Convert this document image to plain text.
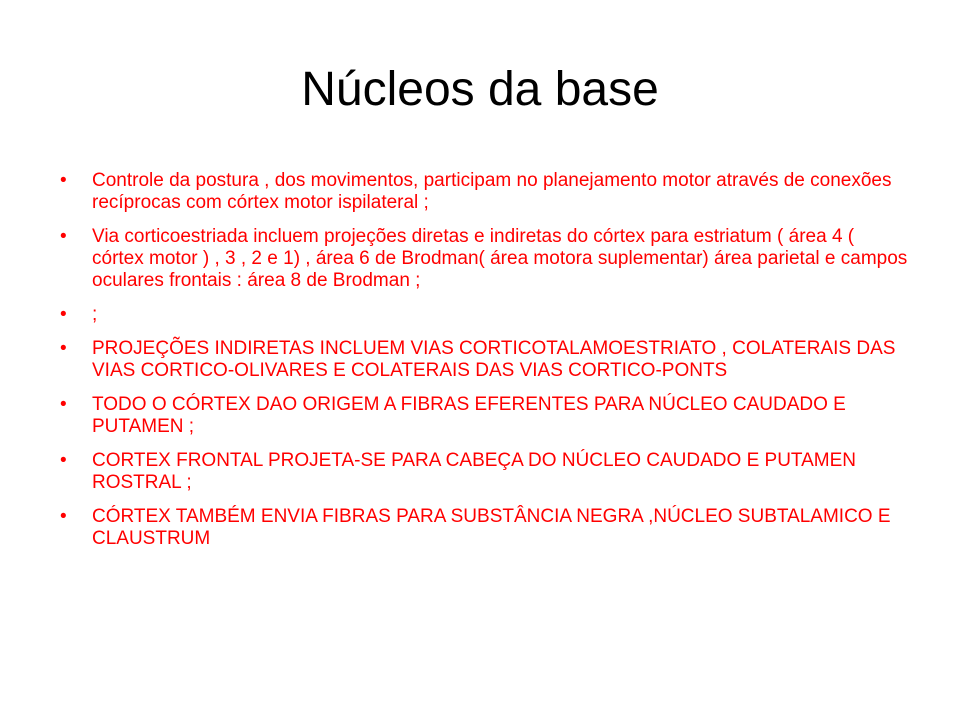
Núcleos da base
•	Controle da postura , dos movimentos, participam no planejamento motor através de conexões recíprocas com córtex motor ispilateral ;
•	Via corticoestriada incluem projeções diretas e indiretas do córtex para estriatum ( área 4 ( córtex motor ) , 3 , 2 e 1) , área 6 de Brodman( área motora suplementar) área parietal e campos oculares frontais : área 8 de Brodman ;
•	;
•	PROJEÇÕES INDIRETAS INCLUEM VIAS CORTICOTALAMOESTRIATO , COLATERAIS DAS VIAS CORTICO-OLIVARES E COLATERAIS DAS VIAS CORTICO-PONTS
•	TODO O CÓRTEX DAO ORIGEM A FIBRAS EFERENTES PARA NÚCLEO CAUDADO E PUTAMEN ;
•	CORTEX FRONTAL PROJETA-SE PARA CABEÇA DO NÚCLEO CAUDADO E PUTAMEN ROSTRAL ;
•	CÓRTEX TAMBÉM ENVIA FIBRAS PARA SUBSTÂNCIA NEGRA ,NÚCLEO SUBTALAMICO E CLAUSTRUM
